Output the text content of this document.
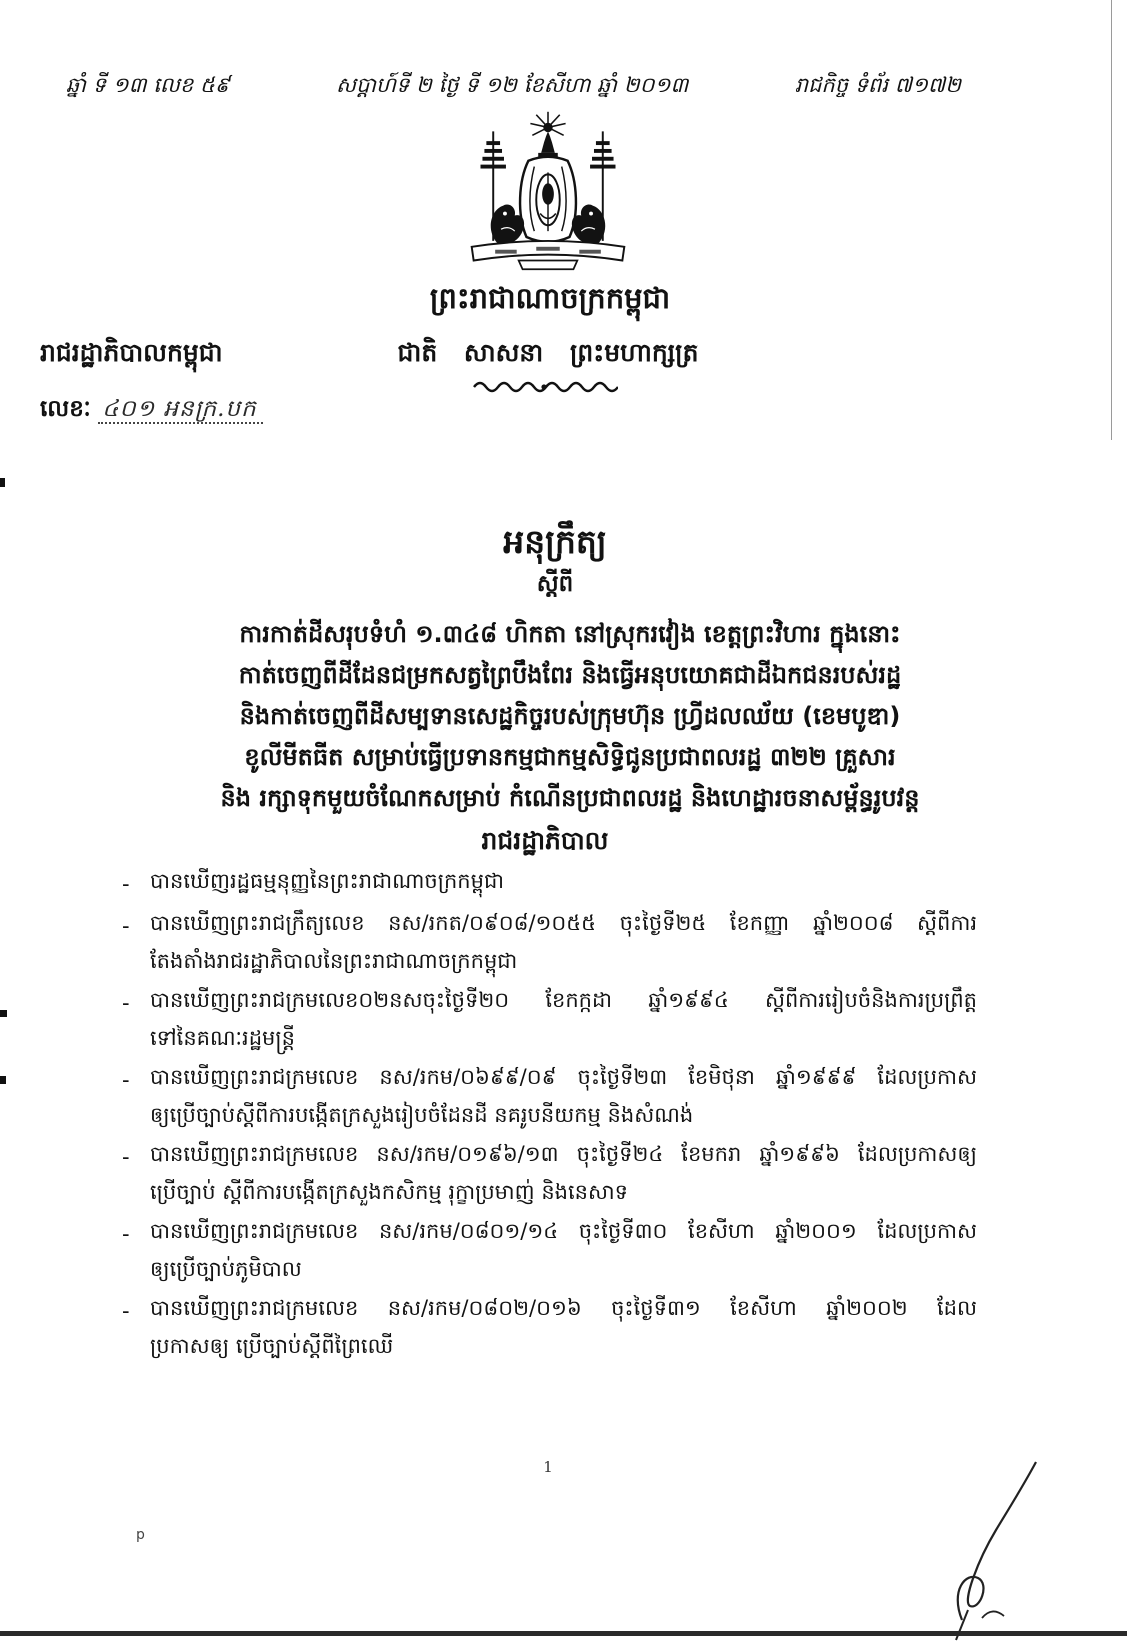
ឆ្នាំ ទី ១៣ លេខ ៥៩	សប្តាហ៍ទី ២ ថ្ងៃ ទី ១២ ខែសីហា ឆ្នាំ ២០១៣	រាជកិច្ច ទំព័រ ៧១៧២
ព្រះរាជាណាចក្រកម្ពុជា
រាជរដ្ឋាភិបាលកម្ពុជា	ជាតិ សាសនា ព្រះមហាក្សត្រ
លេខៈ ៤០១ អនក្រ.បក
អនុក្រឹត្យ
ស្តីពី
ការកាត់ដីសរុបទំហំ ១.៣៤៨ ហិកតា នៅស្រុករវៀង ខេត្តព្រះវិហារ ក្នុងនោះ
កាត់ចេញពីដីដែនជម្រកសត្វព្រៃបឹងពែរ និងធ្វើអនុបយោគជាដីឯកជនរបស់រដ្ឋ
និងកាត់ចេញពីដីសម្បទានសេដ្ឋកិច្ចរបស់ក្រុមហ៊ុន ហ្វ្រីដលឈ័យ (ខេមបូឌា)
ខូលីមីតធីត សម្រាប់ធ្វើប្រទានកម្មជាកម្មសិទ្ធិជូនប្រជាពលរដ្ឋ ៣២២ គ្រួសារ
និង រក្សាទុកមួយចំណែកសម្រាប់ កំណើនប្រជាពលរដ្ឋ និងហេដ្ឋារចនាសម្ព័ន្ធរូបវន្ត
រាជរដ្ឋាភិបាល
- បានឃើញរដ្ឋធម្មនុញ្ញនៃព្រះរាជាណាចក្រកម្ពុជា
- បានឃើញព្រះរាជក្រឹត្យលេខ នស/រកត/០៩០៨/១០៥៥ ចុះថ្ងៃទី២៥ ខែកញ្ញា ឆ្នាំ២០០៨ ស្តីពីការ
តែងតាំងរាជរដ្ឋាភិបាលនៃព្រះរាជាណាចក្រកម្ពុជា
- បានឃើញព្រះរាជក្រមលេខ០២នសចុះថ្ងៃទី២០ ខែកក្កដា ឆ្នាំ១៩៩៤ ស្តីពីការរៀបចំនិងការប្រព្រឹត្ត
ទៅនៃគណៈរដ្ឋមន្ត្រី
- បានឃើញព្រះរាជក្រមលេខ នស/រកម/០៦៩៩/០៩ ចុះថ្ងៃទី២៣ ខែមិថុនា ឆ្នាំ១៩៩៩ ដែលប្រកាស
ឲ្យប្រើច្បាប់ស្តីពីការបង្កើតក្រសួងរៀបចំដែនដី នគរូបនីយកម្ម និងសំណង់
- បានឃើញព្រះរាជក្រមលេខ នស/រកម/០១៩៦/១៣ ចុះថ្ងៃទី២៤ ខែមករា ឆ្នាំ១៩៩៦ ដែលប្រកាសឲ្យ
ប្រើច្បាប់ ស្តីពីការបង្កើតក្រសួងកសិកម្ម រុក្ខាប្រមាញ់ និងនេសាទ
- បានឃើញព្រះរាជក្រមលេខ នស/រកម/០៨០១/១៤ ចុះថ្ងៃទី៣០ ខែសីហា ឆ្នាំ២០០១ ដែលប្រកាស
ឲ្យប្រើច្បាប់ភូមិបាល
- បានឃើញព្រះរាជក្រមលេខ នស/រកម/០៨០២/០១៦ ចុះថ្ងៃទី៣១ ខែសីហា ឆ្នាំ២០០២ ដែល
ប្រកាសឲ្យ ប្រើច្បាប់ស្តីពីព្រៃឈើ
1
p
